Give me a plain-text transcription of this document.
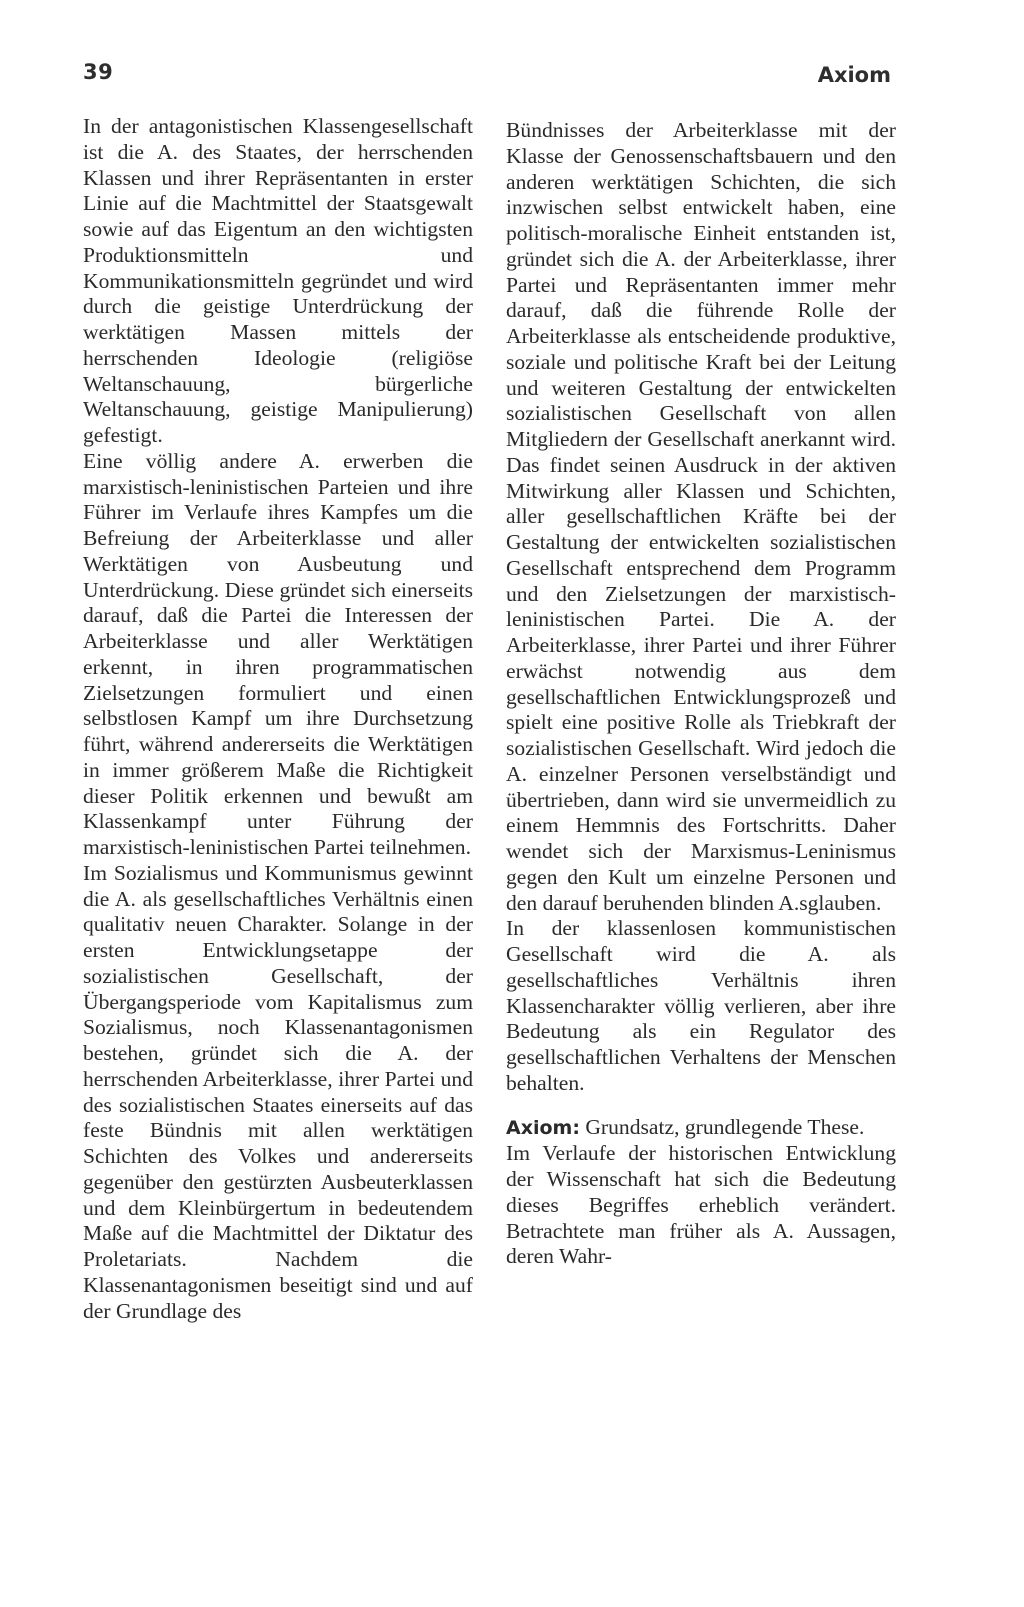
39	Axiom

In der antagonistischen Klassengesellschaft ist die A. des Staates, der herrschenden Klassen und ihrer Repräsentanten in erster Linie auf die Machtmittel der Staatsgewalt sowie auf das Eigentum an den wichtigsten Produktionsmitteln und Kommunikationsmitteln gegründet und wird durch die geistige Unterdrückung der werktätigen Massen mittels der herrschenden Ideologie (religiöse Weltanschauung, bürgerliche Weltanschauung, geistige Manipulierung) gefestigt.

Eine völlig andere A. erwerben die marxistisch-leninistischen Parteien und ihre Führer im Verlaufe ihres Kampfes um die Befreiung der Arbeiterklasse und aller Werktätigen von Ausbeutung und Unterdrückung. Diese gründet sich einerseits darauf, daß die Partei die Interessen der Arbeiterklasse und aller Werktätigen erkennt, in ihren programmatischen Zielsetzungen formuliert und einen selbstlosen Kampf um ihre Durchsetzung führt, während andererseits die Werktätigen in immer größerem Maße die Richtigkeit dieser Politik erkennen und bewußt am Klassenkampf unter Führung der marxistisch-leninistischen Partei teilnehmen.

Im Sozialismus und Kommunismus gewinnt die A. als gesellschaftliches Verhältnis einen qualitativ neuen Charakter. Solange in der ersten Entwicklungsetappe der sozialistischen Gesellschaft, der Übergangsperiode vom Kapitalismus zum Sozialismus, noch Klassenantagonismen bestehen, gründet sich die A. der herrschenden Arbeiterklasse, ihrer Partei und des sozialistischen Staates einerseits auf das feste Bündnis mit allen werktätigen Schichten des Volkes und andererseits gegenüber den gestürzten Ausbeuterklassen und dem Kleinbürgertum in bedeutendem Maße auf die Machtmittel der Diktatur des Proletariats. Nachdem die Klassenantagonismen beseitigt sind und auf der Grundlage des

Bündnisses der Arbeiterklasse mit der Klasse der Genossenschaftsbauern und den anderen werktätigen Schichten, die sich inzwischen selbst entwickelt haben, eine politisch-moralische Einheit entstanden ist, gründet sich die A. der Arbeiterklasse, ihrer Partei und Repräsentanten immer mehr darauf, daß die führende Rolle der Arbeiterklasse als entscheidende produktive, soziale und politische Kraft bei der Leitung und weiteren Gestaltung der entwickelten sozialistischen Gesellschaft von allen Mitgliedern der Gesellschaft anerkannt wird. Das findet seinen Ausdruck in der aktiven Mitwirkung aller Klassen und Schichten, aller gesellschaftlichen Kräfte bei der Gestaltung der entwickelten sozialistischen Gesellschaft entsprechend dem Programm und den Zielsetzungen der marxistisch-leninistischen Partei. Die A. der Arbeiterklasse, ihrer Partei und ihrer Führer erwächst notwendig aus dem gesellschaftlichen Entwicklungsprozeß und spielt eine positive Rolle als Triebkraft der sozialistischen Gesellschaft. Wird jedoch die A. einzelner Personen verselbständigt und übertrieben, dann wird sie unvermeidlich zu einem Hemmnis des Fortschritts. Daher wendet sich der Marxismus-Leninismus gegen den Kult um einzelne Personen und den darauf beruhenden blinden A.sglauben.

In der klassenlosen kommunistischen Gesellschaft wird die A. als gesellschaftliches Verhältnis ihren Klassencharakter völlig verlieren, aber ihre Bedeutung als ein Regulator des gesellschaftlichen Verhaltens der Menschen behalten.

Axiom: Grundsatz, grundlegende These.

Im Verlaufe der historischen Entwicklung der Wissenschaft hat sich die Bedeutung dieses Begriffes erheblich verändert. Betrachtete man früher als A. Aussagen, deren Wahr-
